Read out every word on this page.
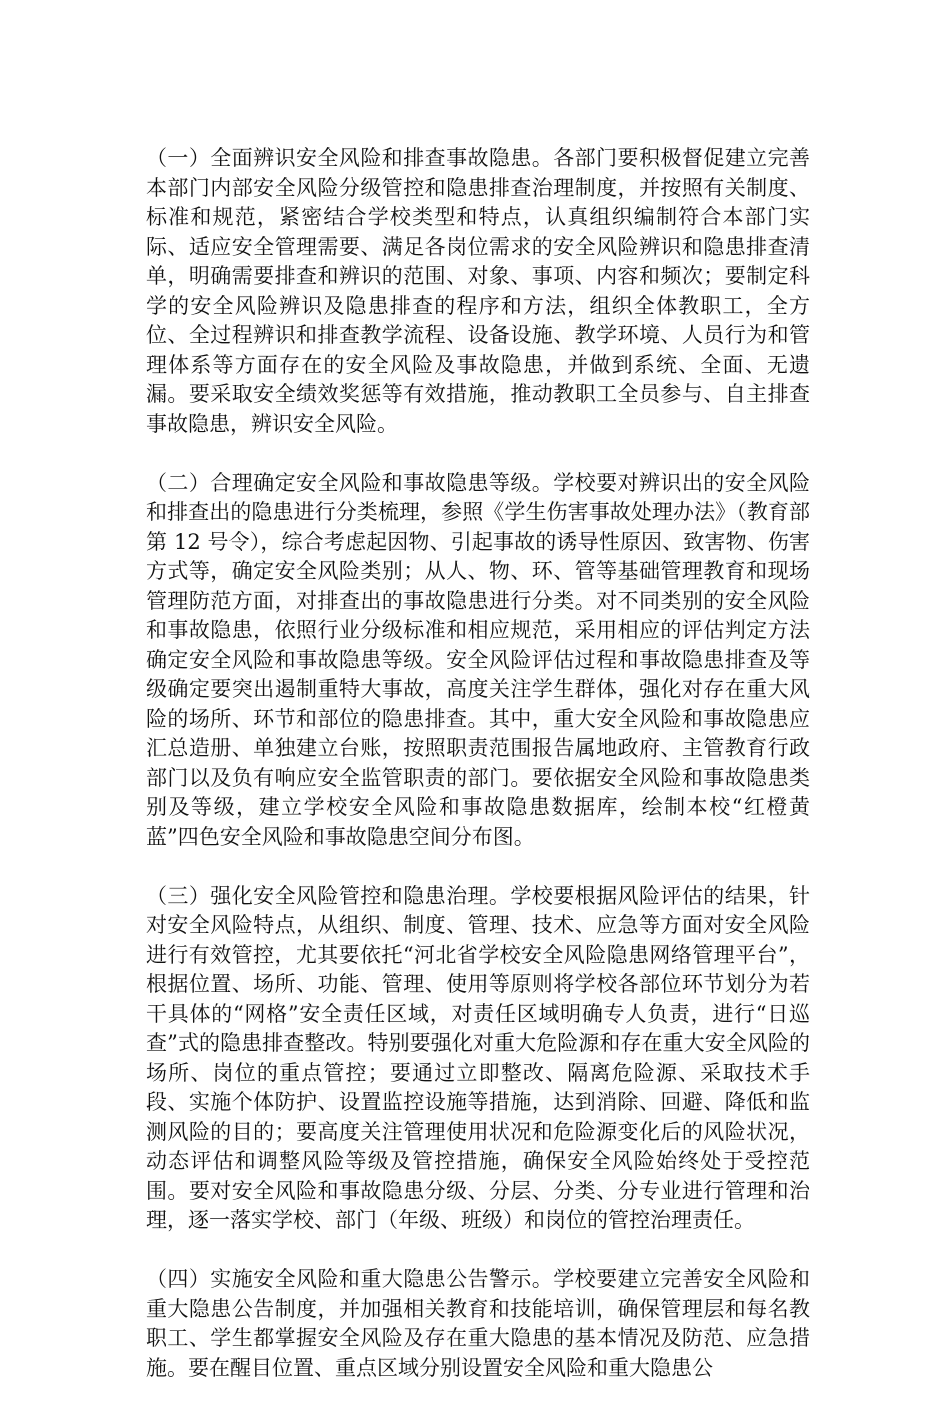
（一）全面辨识安全风险和排查事故隐患。各部门要积极督促建立完善本部门内部安全风险分级管控和隐患排查治理制度，并按照有关制度、标准和规范，紧密结合学校类型和特点，认真组织编制符合本部门实际、适应安全管理需要、满足各岗位需求的安全风险辨识和隐患排查清单，明确需要排查和辨识的范围、对象、事项、内容和频次；要制定科学的安全风险辨识及隐患排查的程序和方法，组织全体教职工，全方位、全过程辨识和排查教学流程、设备设施、教学环境、人员行为和管理体系等方面存在的安全风险及事故隐患，并做到系统、全面、无遗漏。要采取安全绩效奖惩等有效措施，推动教职工全员参与、自主排查事故隐患，辨识安全风险。

（二）合理确定安全风险和事故隐患等级。学校要对辨识出的安全风险和排查出的隐患进行分类梳理，参照《学生伤害事故处理办法》（教育部第 12 号令），综合考虑起因物、引起事故的诱导性原因、致害物、伤害方式等，确定安全风险类别；从人、物、环、管等基础管理教育和现场管理防范方面，对排查出的事故隐患进行分类。对不同类别的安全风险和事故隐患，依照行业分级标准和相应规范，采用相应的评估判定方法确定安全风险和事故隐患等级。安全风险评估过程和事故隐患排查及等级确定要突出遏制重特大事故，高度关注学生群体，强化对存在重大风险的场所、环节和部位的隐患排查。其中，重大安全风险和事故隐患应汇总造册、单独建立台账，按照职责范围报告属地政府、主管教育行政部门以及负有响应安全监管职责的部门。要依据安全风险和事故隐患类别及等级，建立学校安全风险和事故隐患数据库，绘制本校“红橙黄蓝”四色安全风险和事故隐患空间分布图。

（三）强化安全风险管控和隐患治理。学校要根据风险评估的结果，针对安全风险特点，从组织、制度、管理、技术、应急等方面对安全风险进行有效管控，尤其要依托“河北省学校安全风险隐患网络管理平台”，根据位置、场所、功能、管理、使用等原则将学校各部位环节划分为若干具体的“网格”安全责任区域，对责任区域明确专人负责，进行“日巡查”式的隐患排查整改。特别要强化对重大危险源和存在重大安全风险的场所、岗位的重点管控；要通过立即整改、隔离危险源、采取技术手段、实施个体防护、设置监控设施等措施，达到消除、回避、降低和监测风险的目的；要高度关注管理使用状况和危险源变化后的风险状况，动态评估和调整风险等级及管控措施，确保安全风险始终处于受控范围。要对安全风险和事故隐患分级、分层、分类、分专业进行管理和治理，逐一落实学校、部门（年级、班级）和岗位的管控治理责任。

（四）实施安全风险和重大隐患公告警示。学校要建立完善安全风险和重大隐患公告制度，并加强相关教育和技能培训，确保管理层和每名教职工、学生都掌握安全风险及存在重大隐患的基本情况及防范、应急措施。要在醒目位置、重点区域分别设置安全风险和重大隐患公
